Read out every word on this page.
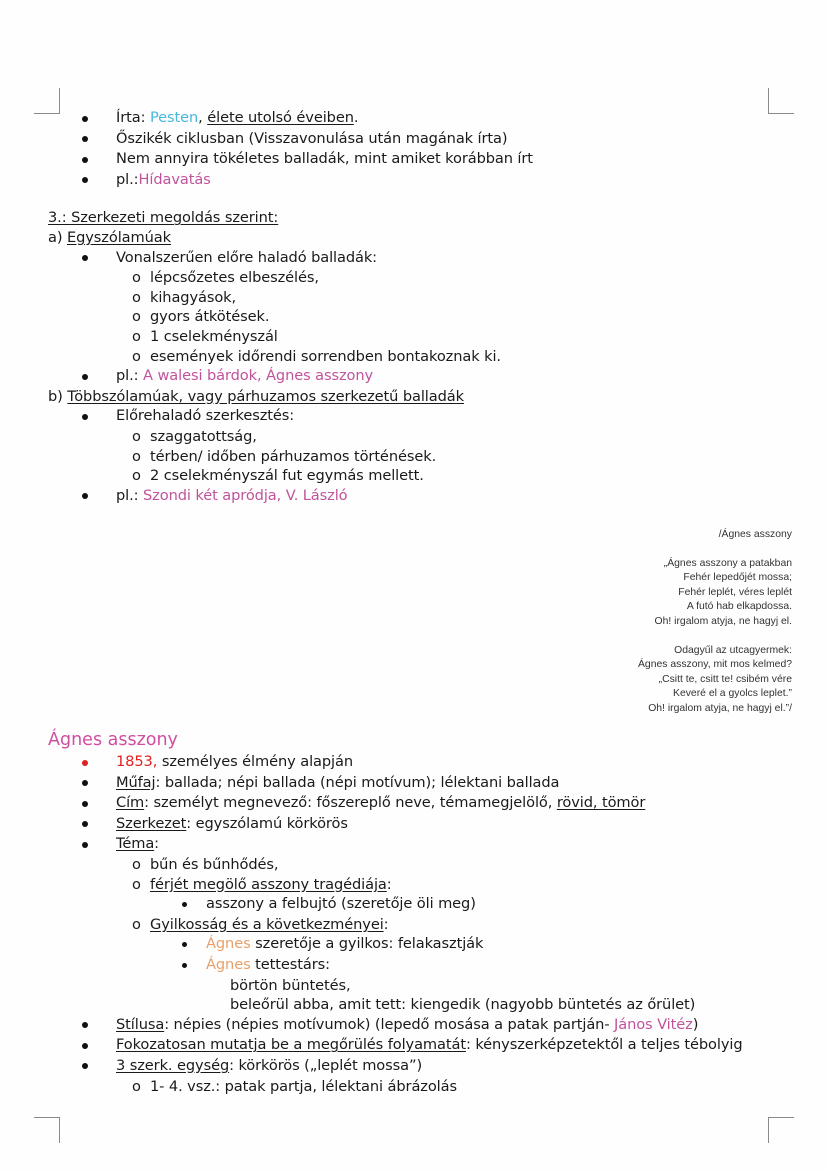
Írta: Pesten, élete utolsó éveiben.
Őszikék ciklusban (Visszavonulása után magának írta)
Nem annyira tökéletes balladák, mint amiket korábban írt
pl.:Hídavatás
3.: Szerkezeti megoldás szerint:
a) Egyszólamúak
Vonalszerűen előre haladó balladák:
o lépcsőzetes elbeszélés,
o kihagyások,
o gyors átkötések.
o 1 cselekményszál
o események időrendi sorrendben bontakoznak ki.
pl.: A walesi bárdok, Ágnes asszony
b) Többszólamúak, vagy párhuzamos szerkezetű balladák
Előrehaladó szerkesztés:
o szaggatottság,
o térben/ időben párhuzamos történések.
o 2 cselekményszál fut egymás mellett.
pl.: Szondi két apródja, V. László
/Ágnes asszony
„Ágnes asszony a patakban
Fehér lepedőjét mossa;
Fehér leplét, véres leplét
A futó hab elkapdossa.
Oh! irgalom atyja, ne hagyj el.
Odagyűl az utcagyermek:
Ágnes asszony, mit mos kelmed?
„Csitt te, csitt te! csibém vére
Keveré el a gyolcs leplet.”
Oh! irgalom atyja, ne hagyj el.”/
Ágnes asszony
1853, személyes élmény alapján
Műfaj: ballada; népi ballada (népi motívum); lélektani ballada
Cím: személyt megnevező: főszereplő neve, témamegjelölő, rövid, tömör
Szerkezet: egyszólamú körkörös
Téma:
o bűn és bűnhődés,
o férjét megölő asszony tragédiája:
asszony a felbujtó (szeretője öli meg)
o Gyilkosság és a következményei:
Ágnes szeretője a gyilkos: felakasztják
Ágnes tettestárs:
börtön büntetés,
beleőrül abba, amit tett: kiengedik (nagyobb büntetés az őrület)
Stílusa: népies (népies motívumok) (lepedő mosása a patak partján- János Vitéz)
Fokozatosan mutatja be a megőrülés folyamatát: kényszerképzetektől a teljes tébolyig
3 szerk. egység: körkörös („leplét mossa”)
o 1- 4. vsz.: patak partja, lélektani ábrázolás
